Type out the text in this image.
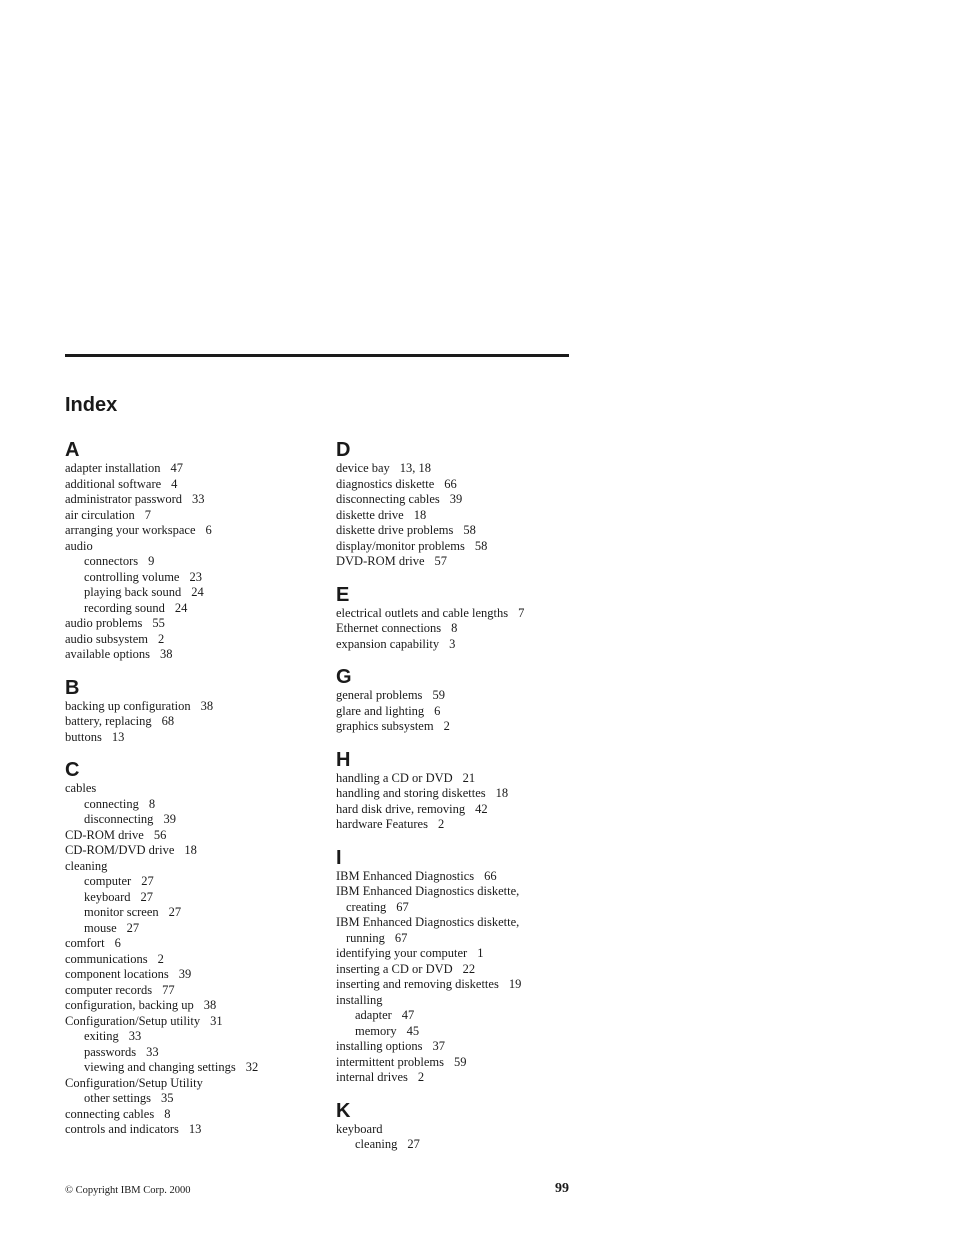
Index
A
adapter installation 47
additional software 4
administrator password 33
air circulation 7
arranging your workspace 6
audio
connectors 9
controlling volume 23
playing back sound 24
recording sound 24
audio problems 55
audio subsystem 2
available options 38
B
backing up configuration 38
battery, replacing 68
buttons 13
C
cables
connecting 8
disconnecting 39
CD-ROM drive 56
CD-ROM/DVD drive 18
cleaning
computer 27
keyboard 27
monitor screen 27
mouse 27
comfort 6
communications 2
component locations 39
computer records 77
configuration, backing up 38
Configuration/Setup utility 31
exiting 33
passwords 33
viewing and changing settings 32
Configuration/Setup Utility
other settings 35
connecting cables 8
controls and indicators 13
D
device bay 13, 18
diagnostics diskette 66
disconnecting cables 39
diskette drive 18
diskette drive problems 58
display/monitor problems 58
DVD-ROM drive 57
E
electrical outlets and cable lengths 7
Ethernet connections 8
expansion capability 3
G
general problems 59
glare and lighting 6
graphics subsystem 2
H
handling a CD or DVD 21
handling and storing diskettes 18
hard disk drive, removing 42
hardware Features 2
I
IBM Enhanced Diagnostics 66
IBM Enhanced Diagnostics diskette,
creating 67
IBM Enhanced Diagnostics diskette,
running 67
identifying your computer 1
inserting a CD or DVD 22
inserting and removing diskettes 19
installing
adapter 47
memory 45
installing options 37
intermittent problems 59
internal drives 2
K
keyboard
cleaning 27
© Copyright IBM Corp. 2000	99
